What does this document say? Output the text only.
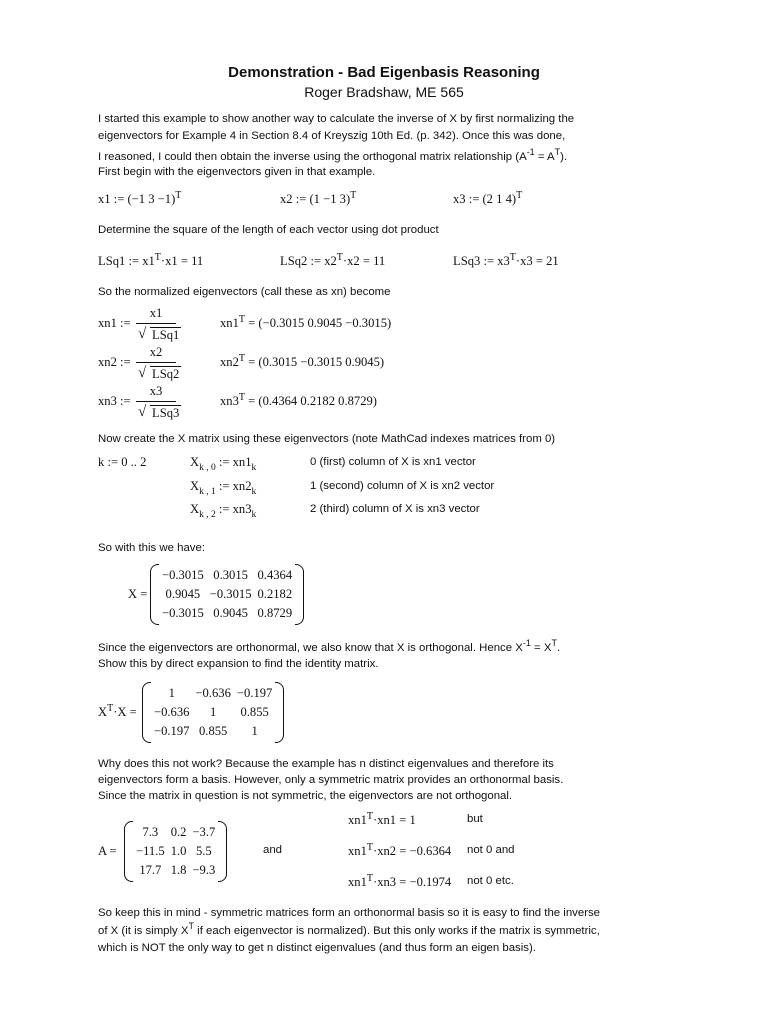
Demonstration - Bad Eigenbasis Reasoning
Roger Bradshaw, ME 565
I started this example to show another way to calculate the inverse of X by first normalizing the
eigenvectors for Example 4 in Section 8.4 of Kreyszig 10th Ed. (p. 342). Once this was done,
I reasoned, I could then obtain the inverse using the orthogonal matrix relationship $(A^{-1} = A^T)$.
First begin with the eigenvectors given in that example.
x1 := (−1 3 −1)$^T$	x2 := (1 −1 3)$^T$	x3 := (2 1 4)$^T$
Determine the square of the length of each vector using dot product
LSq1 := $x1^T\cdot x1 = 11$	LSq2 := $x2^T\cdot x2 = 11$	LSq3 := $x3^T\cdot x3 = 21$
So the normalized eigenvectors (call these as xn) become
xn1 :=
x1
√ LSq1
$xn1^T = (-0.3015$ 0.9045 −0.3015)
xn2 :=
x2
√ LSq2
$xn2^T = (0.3015 -0.3015$ 0.9045)
xn3 :=
x3
√ LSq3
$xn3^T = (0.4364$ 0.2182 0.8729)
Now create the X matrix using these eigenvectors (note MathCad indexes matrices from 0)
k := 0 .. 2	$X_{k , 0}$ := $xn1_k$	0 (first) column of X is xn1 vector
$X_{k , 1}$ := $xn2_k$	1 (second) column of X is xn2 vector
$X_{k , 2}$ := $xn3_k$	2 (third) column of X is xn3 vector
So with this we have:
X =
−0.3015	0.3015	0.4364
0.9045	−0.3015	0.2182
−0.3015	0.9045	0.8729
Since the eigenvectors are orthonormal, we also know that X is orthogonal. Hence $X^{-1} = X^T$.
Show this by direct expansion to find the identity matrix.
$X^T\cdot X$ =
1	−0.636	−0.197
−0.636	1	0.855
−0.197	0.855	1
Why does this not work? Because the example has n distinct eigenvalues and therefore its
eigenvectors form a basis. However, only a symmetric matrix provides an orthonormal basis.
Since the matrix in question is not symmetric, the eigenvectors are not orthogonal.
A =
7.3	0.2	−3.7
−11.5	1.0	5.5
17.7	1.8	−9.3
and
$xn1^T\cdot xn1 = 1$	but
$xn1^T\cdot xn2 = -0.6364$ not 0 and
$xn1^T\cdot xn3 = -0.1974$ not 0 etc.
So keep this in mind - symmetric matrices form an orthonormal basis so it is easy to find the inverse
of X (it is simply $X^T$ if each eigenvector is normalized). But this only works if the matrix is symmetric,
which is NOT the only way to get n distinct eigenvalues (and thus form an eigen basis).
